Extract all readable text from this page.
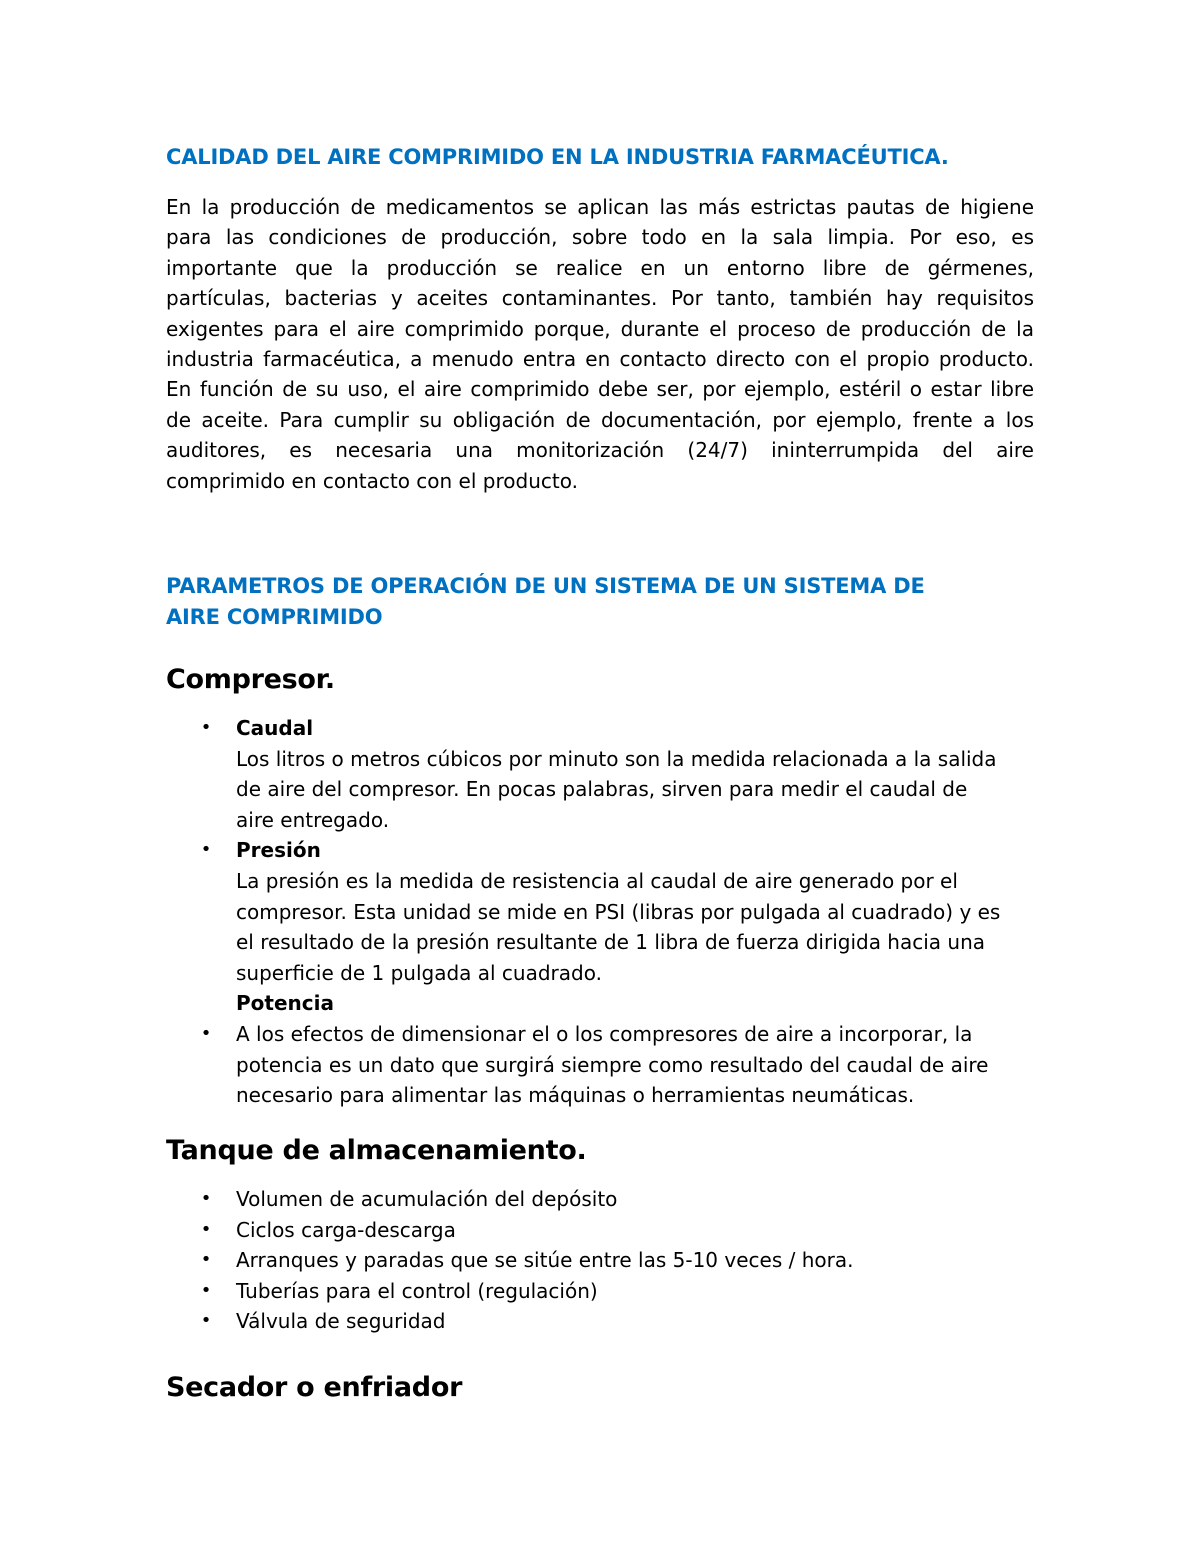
CALIDAD DEL AIRE COMPRIMIDO EN LA INDUSTRIA FARMACÉUTICA.
En la producción de medicamentos se aplican las más estrictas pautas de higiene
para las condiciones de producción, sobre todo en la sala limpia. Por eso, es
importante que la producción se realice en un entorno libre de gérmenes,
partículas, bacterias y aceites contaminantes. Por tanto, también hay requisitos
exigentes para el aire comprimido porque, durante el proceso de producción de la
industria farmacéutica, a menudo entra en contacto directo con el propio producto.
En función de su uso, el aire comprimido debe ser, por ejemplo, estéril o estar libre
de aceite. Para cumplir su obligación de documentación, por ejemplo, frente a los
auditores, es necesaria una monitorización (24/7) ininterrumpida del aire
comprimido en contacto con el producto.
PARAMETROS DE OPERACIÓN DE UN SISTEMA DE UN SISTEMA DE
AIRE COMPRIMIDO
Compresor.
• Caudal
Los litros o metros cúbicos por minuto son la medida relacionada a la salida
de aire del compresor. En pocas palabras, sirven para medir el caudal de
aire entregado.
• Presión
La presión es la medida de resistencia al caudal de aire generado por el
compresor. Esta unidad se mide en PSI (libras por pulgada al cuadrado) y es
el resultado de la presión resultante de 1 libra de fuerza dirigida hacia una
superficie de 1 pulgada al cuadrado.
Potencia
• A los efectos de dimensionar el o los compresores de aire a incorporar, la
potencia es un dato que surgirá siempre como resultado del caudal de aire
necesario para alimentar las máquinas o herramientas neumáticas.
Tanque de almacenamiento.
• Volumen de acumulación del depósito
• Ciclos carga-descarga
• Arranques y paradas que se sitúe entre las 5-10 veces / hora.
• Tuberías para el control (regulación)
• Válvula de seguridad
Secador o enfriador
